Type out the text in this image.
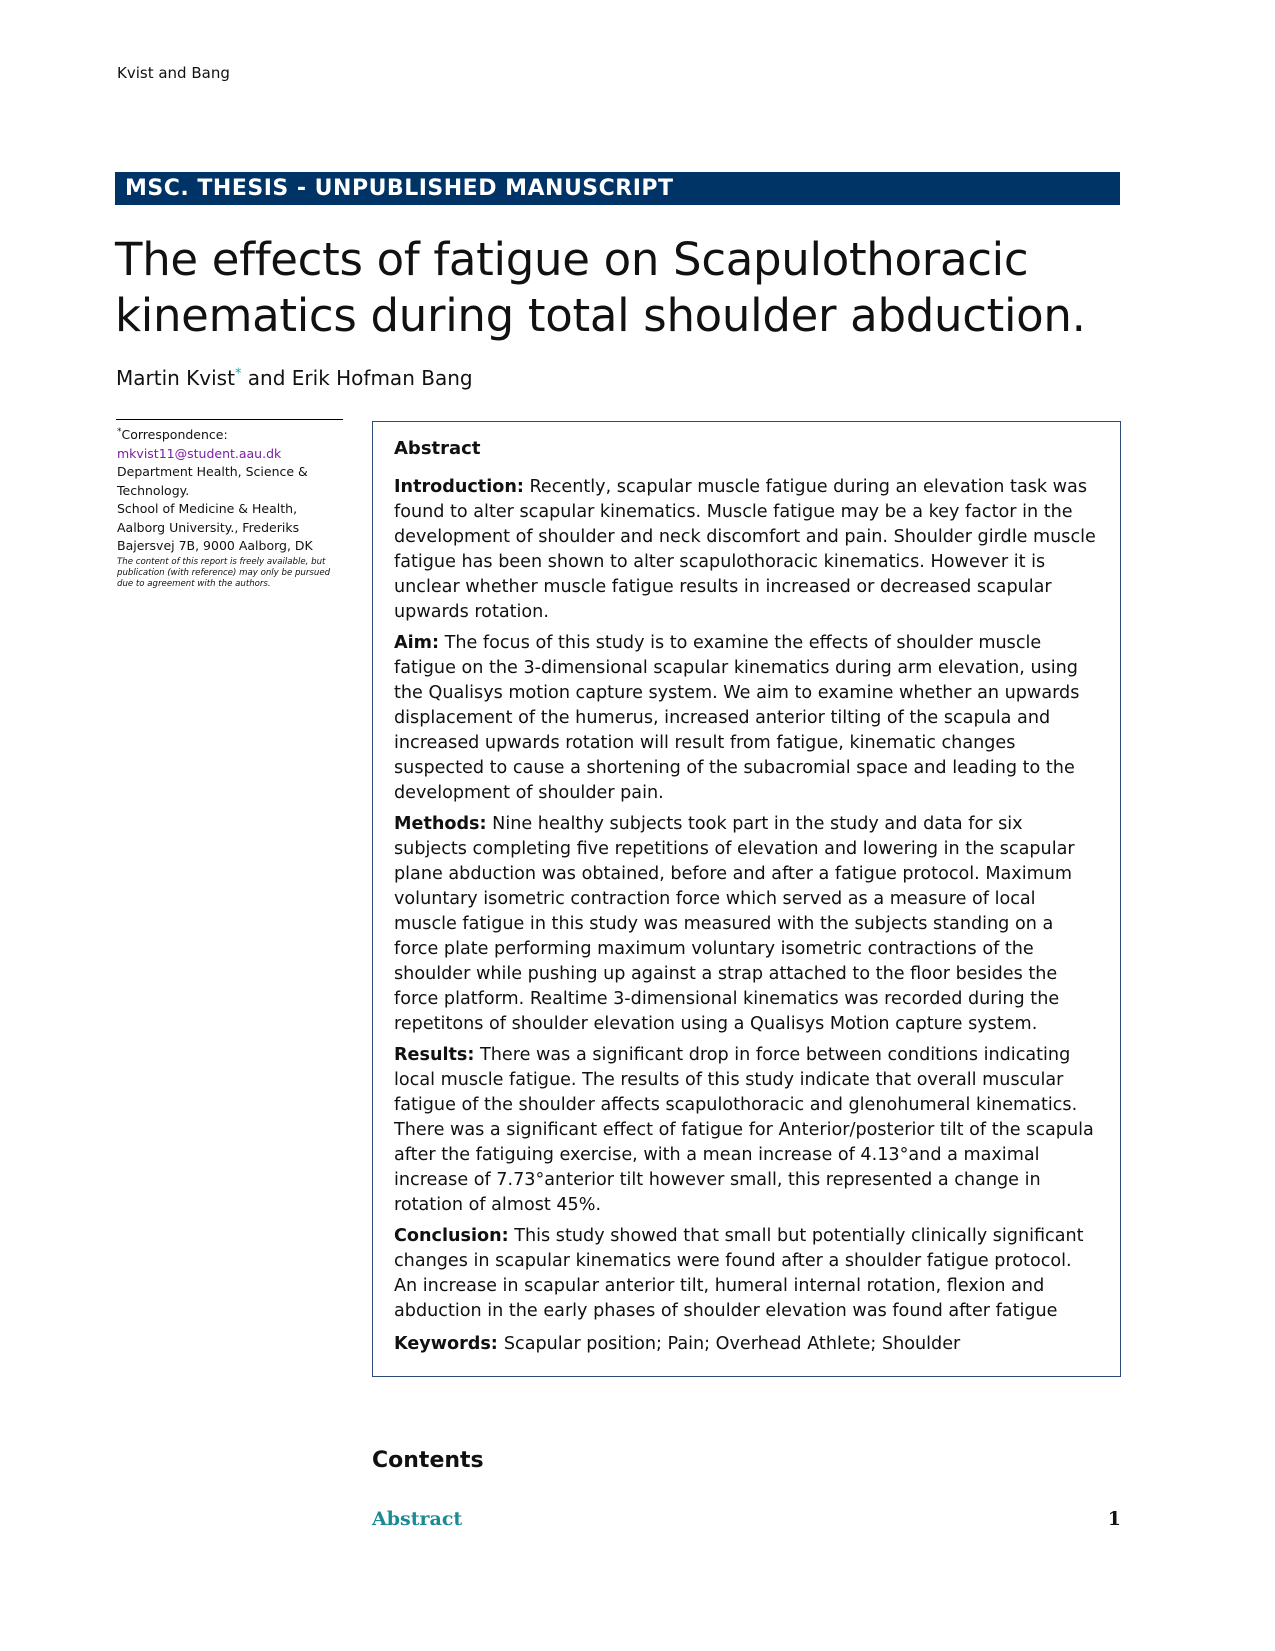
Kvist and Bang
MSC. THESIS - UNPUBLISHED MANUSCRIPT
The effects of fatigue on Scapulothoracic kinematics during total shoulder abduction.
Martin Kvist* and Erik Hofman Bang
*Correspondence:
mkvist11@student.aau.dk
Department Health, Science & Technology.
School of Medicine & Health, Aalborg University., Frederiks Bajersvej 7B, 9000 Aalborg, DK
The content of this report is freely available, but publication (with reference) may only be pursued due to agreement with the authors.
Abstract

Introduction: Recently, scapular muscle fatigue during an elevation task was found to alter scapular kinematics. Muscle fatigue may be a key factor in the development of shoulder and neck discomfort and pain. Shoulder girdle muscle fatigue has been shown to alter scapulothoracic kinematics. However it is unclear whether muscle fatigue results in increased or decreased scapular upwards rotation.

Aim: The focus of this study is to examine the effects of shoulder muscle fatigue on the 3-dimensional scapular kinematics during arm elevation, using the Qualisys motion capture system. We aim to examine whether an upwards displacement of the humerus, increased anterior tilting of the scapula and increased upwards rotation will result from fatigue, kinematic changes suspected to cause a shortening of the subacromial space and leading to the development of shoulder pain.

Methods: Nine healthy subjects took part in the study and data for six subjects completing five repetitions of elevation and lowering in the scapular plane abduction was obtained, before and after a fatigue protocol. Maximum voluntary isometric contraction force which served as a measure of local muscle fatigue in this study was measured with the subjects standing on a force plate performing maximum voluntary isometric contractions of the shoulder while pushing up against a strap attached to the floor besides the force platform. Realtime 3-dimensional kinematics was recorded during the repetitons of shoulder elevation using a Qualisys Motion capture system.

Results: There was a significant drop in force between conditions indicating local muscle fatigue. The results of this study indicate that overall muscular fatigue of the shoulder affects scapulothoracic and glenohumeral kinematics. There was a significant effect of fatigue for Anterior/posterior tilt of the scapula after the fatiguing exercise, with a mean increase of 4.13°and a maximal increase of 7.73°anterior tilt however small, this represented a change in rotation of almost 45%.

Conclusion: This study showed that small but potentially clinically significant changes in scapular kinematics were found after a shoulder fatigue protocol. An increase in scapular anterior tilt, humeral internal rotation, flexion and abduction in the early phases of shoulder elevation was found after fatigue

Keywords: Scapular position; Pain; Overhead Athlete; Shoulder
Contents
Abstract	1
